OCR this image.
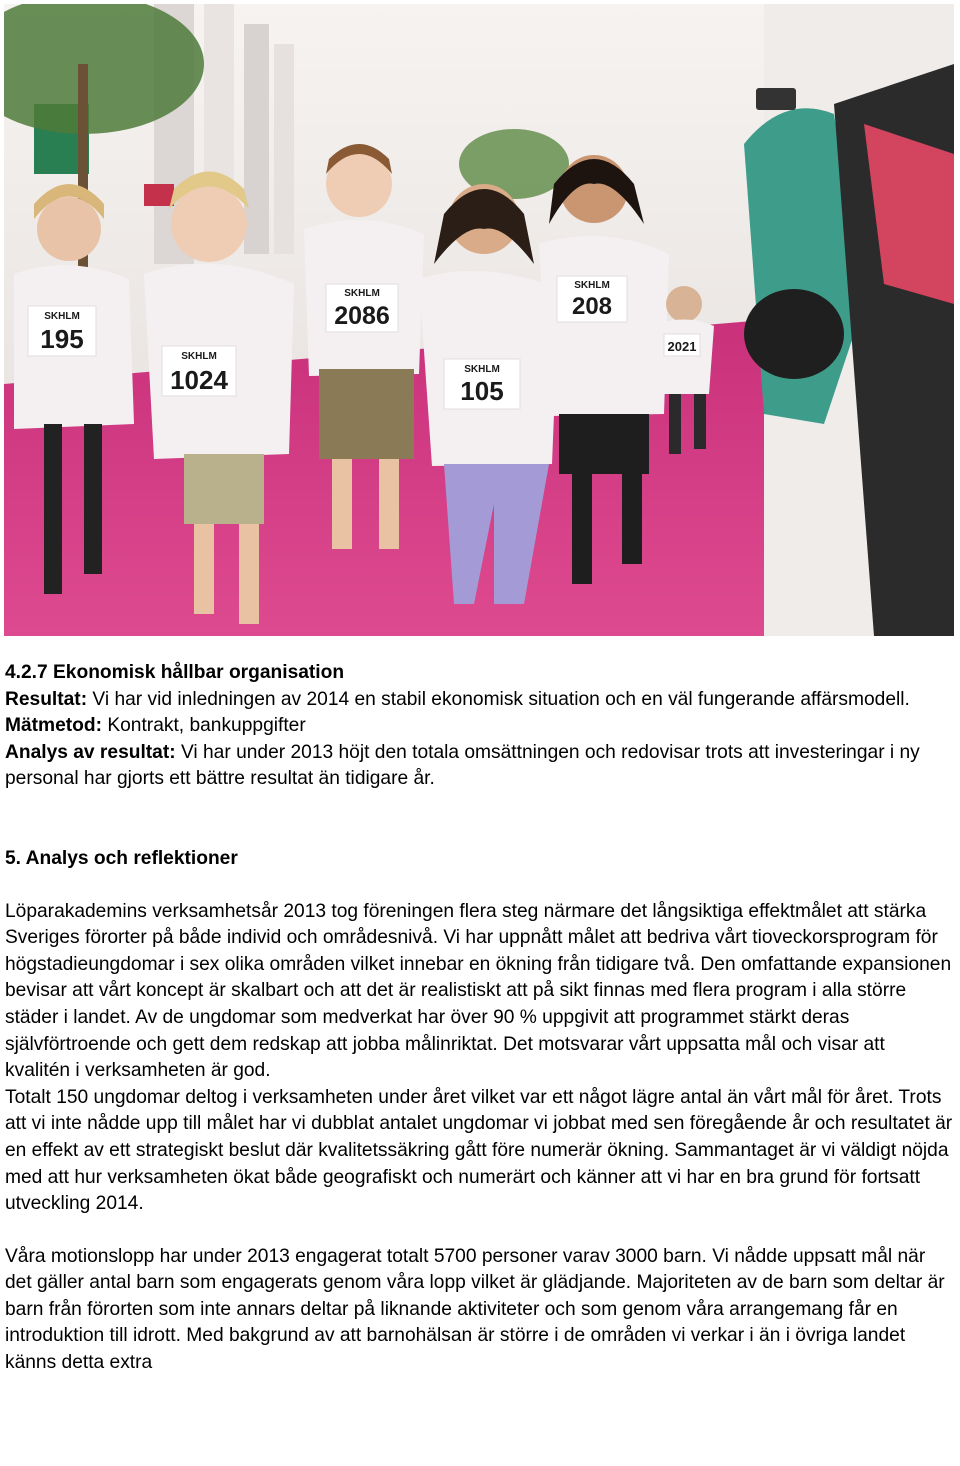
SKHLM
195
SKHLM
1024
SKHLM
2086
SKHLM
105
SKHLM
208
2021

4.2.7 Ekonomisk hållbar organisation

Resultat: Vi har vid inledningen av 2014 en stabil ekonomisk situation och en väl fungerande affärsmodell.

Mätmetod: Kontrakt, bankuppgifter

Analys av resultat: Vi har under 2013 höjt den totala omsättningen och redovisar trots att investeringar i ny personal har gjorts ett bättre resultat än tidigare år.

5. Analys och reflektioner

Löparakademins verksamhetsår 2013 tog föreningen flera steg närmare det långsiktiga effektmålet att stärka Sveriges förorter på både individ och områdesnivå. Vi har uppnått målet att bedriva vårt tioveckorsprogram för högstadieungdomar i sex olika områden vilket innebar en ökning från tidigare två. Den omfattande expansionen bevisar att vårt koncept är skalbart och att det är realistiskt att på sikt finnas med flera program i alla större städer i landet. Av de ungdomar som medverkat har över 90 % uppgivit att programmet stärkt deras självförtroende och gett dem redskap att jobba målinriktat. Det motsvarar vårt uppsatta mål och visar att kvalitén i verksamheten är god.

Totalt 150 ungdomar deltog i verksamheten under året vilket var ett något lägre antal än vårt mål för året. Trots att vi inte nådde upp till målet har vi dubblat antalet ungdomar vi jobbat med sen föregående år och resultatet är en effekt av ett strategiskt beslut där kvalitetssäkring gått före numerär ökning. Sammantaget är vi väldigt nöjda med att hur verksamheten ökat både geografiskt och numerärt och känner att vi har en bra grund för fortsatt utveckling 2014.

Våra motionslopp har under 2013 engagerat totalt 5700 personer varav 3000 barn. Vi nådde uppsatt mål när det gäller antal barn som engagerats genom våra lopp vilket är glädjande. Majoriteten av de barn som deltar är barn från förorten som inte annars deltar på liknande aktiviteter och som genom våra arrangemang får en introduktion till idrott. Med bakgrund av att barnohälsan är större i de områden vi verkar i än i övriga landet känns detta extra
